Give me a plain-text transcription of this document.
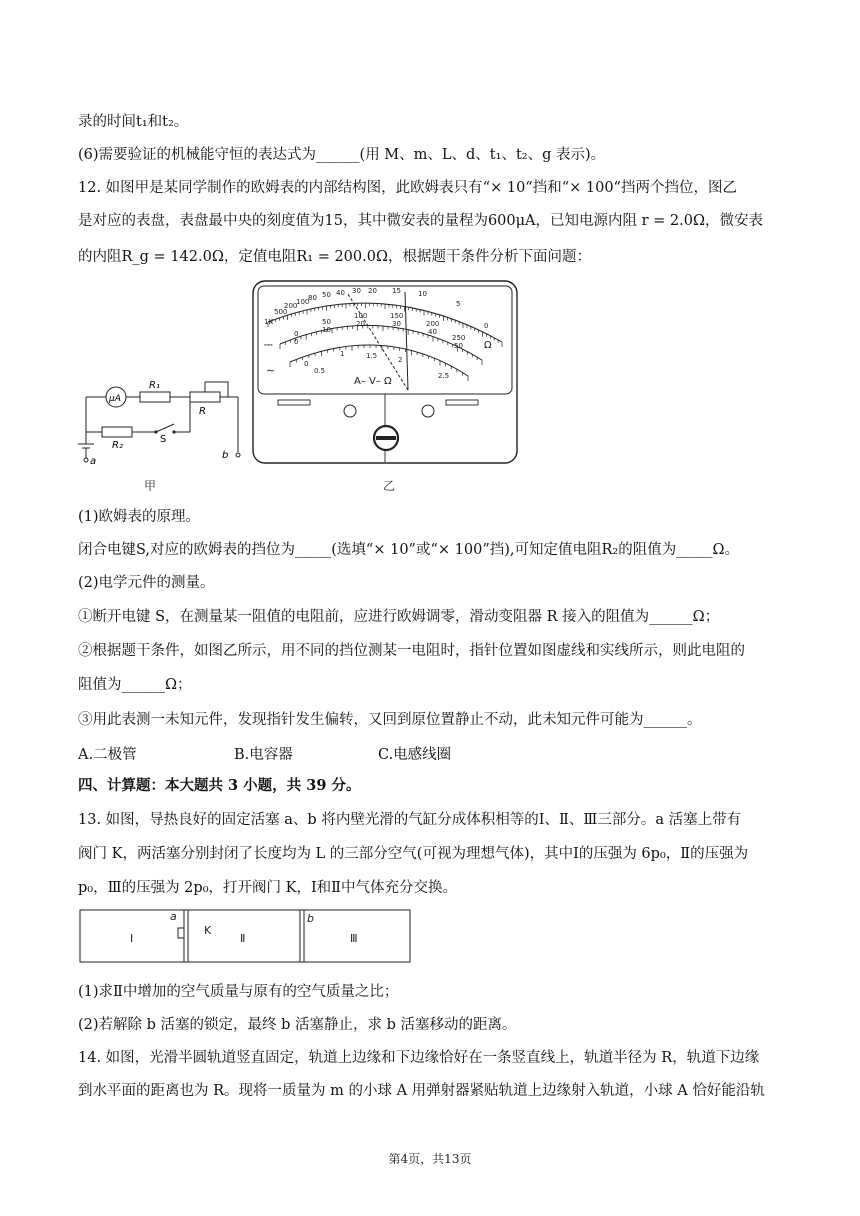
录的时间t₁和t₂。
(6)需要验证的机械能守恒的表达式为______(用 M、m、L、d、t₁、t₂、g 表示)。
12. 如图甲是某同学制作的欧姆表的内部结构图，此欧姆表只有“× 10“挡和“× 100“挡两个挡位，图乙
是对应的表盘，表盘最中央的刻度值为15，其中微安表的量程为600μA，已知电源内阻 r = 2.0Ω，微安表
的内阻R_g = 142.0Ω，定值电阻R₁ = 200.0Ω，根据题干条件分析下面问题：
μA
R₁
R
R₂
S
a
b
甲
1K
500
200
100
80 50 40 30 20 15 10
5
0
Ω
0
50
100	150
200
250
0
10
20	30
40
50
0
0.5
1	1.5	2
2.5
⎓
∼
A– V– Ω
乙
(1)欧姆表的原理。
闭合电键S,对应的欧姆表的挡位为_____(选填“× 10”或“× 100”挡),可知定值电阻R₂的阻值为_____Ω。
(2)电学元件的测量。
①断开电键 S，在测量某一阻值的电阻前，应进行欧姆调零，滑动变阻器 R 接入的阻值为______Ω；
②根据题干条件，如图乙所示，用不同的挡位测某一电阻时，指针位置如图虚线和实线所示，则此电阻的
阻值为______Ω；
③用此表测一未知元件，发现指针发生偏转，又回到原位置静止不动，此未知元件可能为______。
A.二极管	B.电容器	C.电感线圈
四、计算题：本大题共 3 小题，共 39 分。
13. 如图，导热良好的固定活塞 a、b 将内壁光滑的气缸分成体积相等的Ⅰ、Ⅱ、Ⅲ三部分。a 活塞上带有
阀门 K，两活塞分别封闭了长度均为 L 的三部分空气(可视为理想气体)，其中Ⅰ的压强为 6p₀，Ⅱ的压强为
p₀，Ⅲ的压强为 2p₀，打开阀门 K，Ⅰ和Ⅱ中气体充分交换。
Ⅰ	Ⅱ	Ⅲ
K
a	b
(1)求Ⅱ中增加的空气质量与原有的空气质量之比；
(2)若解除 b 活塞的锁定，最终 b 活塞静止，求 b 活塞移动的距离。
14. 如图，光滑半圆轨道竖直固定，轨道上边缘和下边缘恰好在一条竖直线上，轨道半径为 R，轨道下边缘
到水平面的距离也为 R。现将一质量为 m 的小球 A 用弹射器紧贴轨道上边缘射入轨道，小球 A 恰好能沿轨
第4页，共13页
